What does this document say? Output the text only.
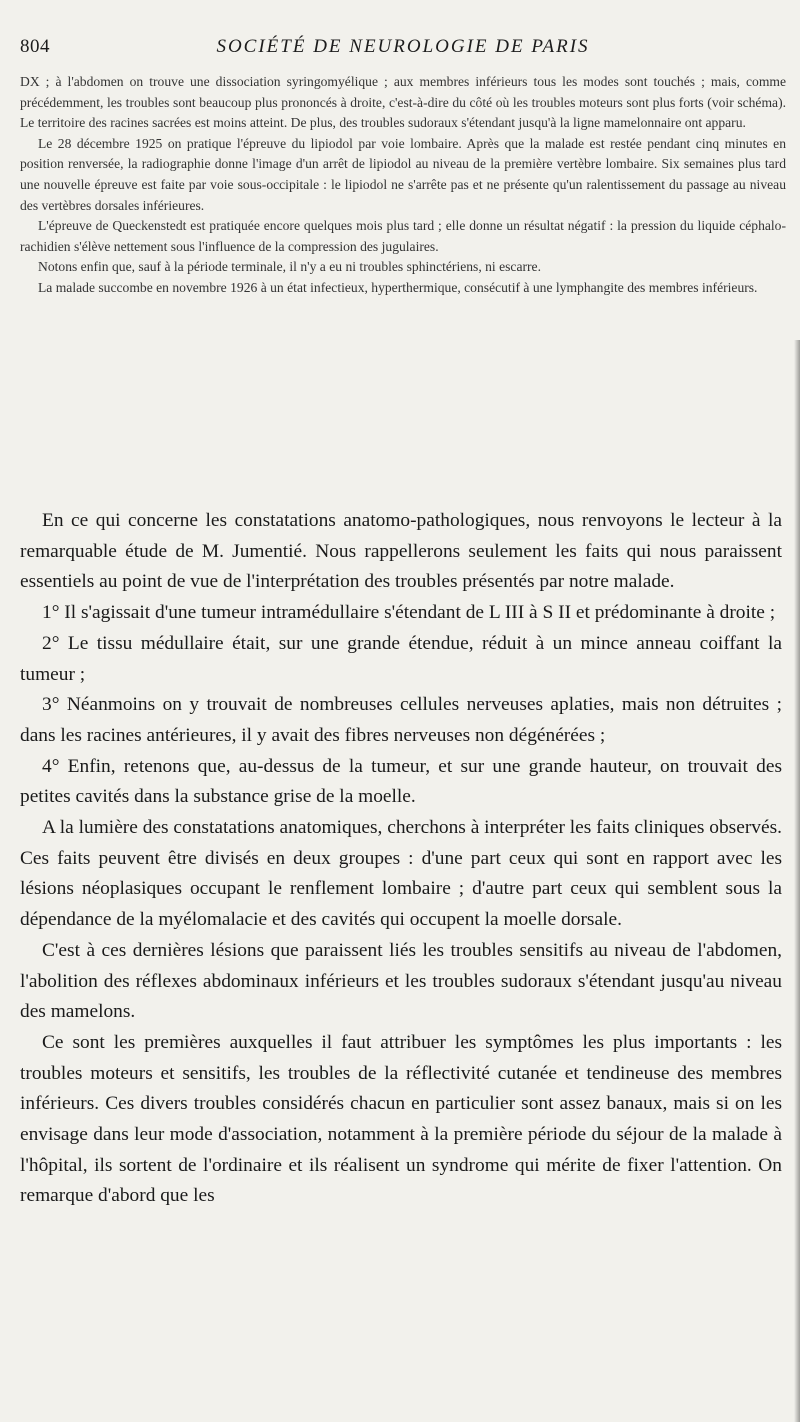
804	SOCIÉTÉ DE NEUROLOGIE DE PARIS

DX ; à l'abdomen on trouve une dissociation syringomyélique ; aux membres inférieurs tous les modes sont touchés ; mais, comme précédemment, les troubles sont beaucoup plus prononcés à droite, c'est-à-dire du côté où les troubles moteurs sont plus forts (voir schéma). Le territoire des racines sacrées est moins atteint. De plus, des troubles sudoraux s'étendant jusqu'à la ligne mamelonnaire ont apparu.

Le 28 décembre 1925 on pratique l'épreuve du lipiodol par voie lombaire. Après que la malade est restée pendant cinq minutes en position renversée, la radiographie donne l'image d'un arrêt de lipiodol au niveau de la première vertèbre lombaire. Six semaines plus tard une nouvelle épreuve est faite par voie sous-occipitale : le lipiodol ne s'arrête pas et ne présente qu'un ralentissement du passage au niveau des vertèbres dorsales inférieures.

L'épreuve de Queckenstedt est pratiquée encore quelques mois plus tard ; elle donne un résultat négatif : la pression du liquide céphalo-rachidien s'élève nettement sous l'influence de la compression des jugulaires.

Notons enfin que, sauf à la période terminale, il n'y a eu ni troubles sphinctériens, ni escarre.

La malade succombe en novembre 1926 à un état infectieux, hyperthermique, consécutif à une lymphangite des membres inférieurs.

En ce qui concerne les constatations anatomo-pathologiques, nous renvoyons le lecteur à la remarquable étude de M. Jumentié. Nous rappellerons seulement les faits qui nous paraissent essentiels au point de vue de l'interprétation des troubles présentés par notre malade.

1° Il s'agissait d'une tumeur intramédullaire s'étendant de L III à S II et prédominante à droite ;

2° Le tissu médullaire était, sur une grande étendue, réduit à un mince anneau coiffant la tumeur ;

3° Néanmoins on y trouvait de nombreuses cellules nerveuses aplaties, mais non détruites ; dans les racines antérieures, il y avait des fibres nerveuses non dégénérées ;

4° Enfin, retenons que, au-dessus de la tumeur, et sur une grande hauteur, on trouvait des petites cavités dans la substance grise de la moelle.

A la lumière des constatations anatomiques, cherchons à interpréter les faits cliniques observés. Ces faits peuvent être divisés en deux groupes : d'une part ceux qui sont en rapport avec les lésions néoplasiques occupant le renflement lombaire ; d'autre part ceux qui semblent sous la dépendance de la myélomalacie et des cavités qui occupent la moelle dorsale.

C'est à ces dernières lésions que paraissent liés les troubles sensitifs au niveau de l'abdomen, l'abolition des réflexes abdominaux inférieurs et les troubles sudoraux s'étendant jusqu'au niveau des mamelons.

Ce sont les premières auxquelles il faut attribuer les symptômes les plus importants : les troubles moteurs et sensitifs, les troubles de la réflectivité cutanée et tendineuse des membres inférieurs. Ces divers troubles considérés chacun en particulier sont assez banaux, mais si on les envisage dans leur mode d'association, notamment à la première période du séjour de la malade à l'hôpital, ils sortent de l'ordinaire et ils réalisent un syndrome qui mérite de fixer l'attention. On remarque d'abord que les
